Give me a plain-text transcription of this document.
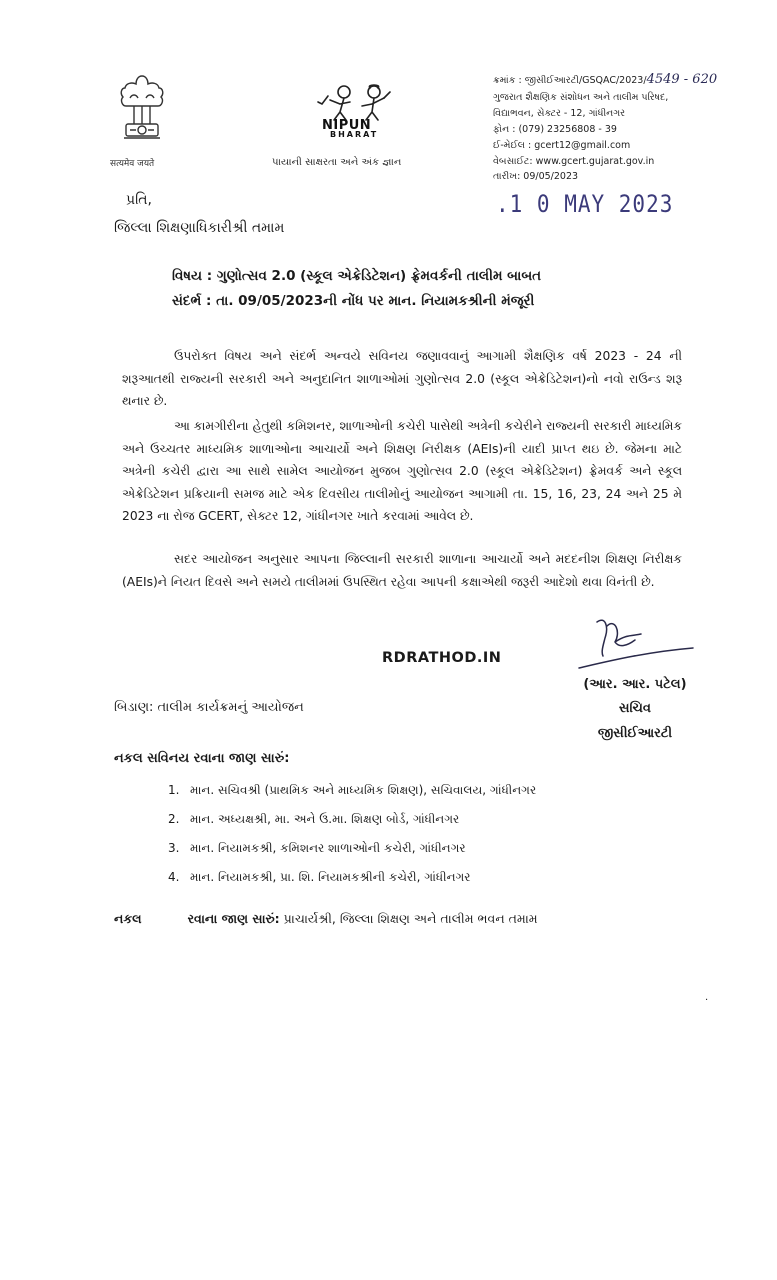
सत्यमेव जयते
NIPUN
BHARAT
પાયાની સાક્ષરતા અને અંક જ્ઞાન
ક્રમાંક : જીસીઈઆરટી/GSQAC/2023/4549 - 620
ગુજરાત શૈક્ષણિક સંશોધન અને તાલીમ પરિષદ,
વિદ્યાભવન, સેક્ટર - 12, ગાંધીનગર
ફોન : (079) 23256808 - 39
ઈ-મેઈલ : gcert12@gmail.com
વેબસાઈટ: www.gcert.gujarat.gov.in
તારીખ: 09/05/2023
.1 0 MAY 2023
પ્રતિ,
જિલ્લા શિક્ષણાધિકારીશ્રી તમામ
વિષય : ગુણોત્સવ 2.0 (સ્કૂલ એક્રેડિટેશન) ફ્રેમવર્કની તાલીમ બાબત
સંદર્ભ : તા. 09/05/2023ની નોંધ પર માન. નિયામકશ્રીની મંજૂરી
ઉપરોક્ત વિષય અને સંદર્ભ અન્વયે સવિનય જણાવવાનું આગામી શૈક્ષણિક વર્ષ 2023 - 24 ની શરૂઆતથી રાજ્યની સરકારી અને અનુદાનિત શાળાઓમાં ગુણોત્સવ 2.0 (સ્કૂલ એક્રેડિટેશન)નો નવો રાઉન્ડ શરૂ થનાર છે.
આ કામગીરીના હેતુથી કમિશનર, શાળાઓની કચેરી પાસેથી અત્રેની કચેરીને રાજ્યની સરકારી માધ્યમિક અને ઉચ્ચતર માધ્યમિક શાળાઓના આચાર્યો અને શિક્ષણ નિરીક્ષક (AEIs)ની યાદી પ્રાપ્ત થઇ છે. જેમના માટે અત્રેની કચેરી દ્વારા આ સાથે સામેલ આયોજન મુજબ ગુણોત્સવ 2.0 (સ્કૂલ એક્રેડિટેશન) ફ્રેમવર્ક અને સ્કૂલ એક્રેડિટેશન પ્રક્રિયાની સમજ માટે એક દિવસીય તાલીમોનું આયોજન આગામી તા. 15, 16, 23, 24 અને 25 મે 2023 ના રોજ GCERT, સેક્ટર 12, ગાંધીનગર ખાતે કરવામાં આવેલ છે.
સદર આયોજન અનુસાર આપના જિલ્લાની સરકારી શાળાના આચાર્યો અને મદદનીશ શિક્ષણ નિરીક્ષક (AEIs)ને નિયત દિવસે અને સમયે તાલીમમાં ઉપસ્થિત રહેવા આપની કક્ષાએથી જરૂરી આદેશો થવા વિનંતી છે.
RDRATHOD.IN
(આર. આર. પટેલ)
સચિવ
જીસીઈઆરટી
બિડાણ: તાલીમ કાર્યક્રમનું આયોજન
નકલ સવિનય રવાના જાણ સારું:
1. માન. સચિવશ્રી (પ્રાથમિક અને માધ્યમિક શિક્ષણ), સચિવાલય, ગાંધીનગર
2. માન. અધ્યક્ષશ્રી, મા. અને ઉ.મા. શિક્ષણ બોર્ડ, ગાંધીનગર
3. માન. નિયામકશ્રી, કમિશનર શાળાઓની કચેરી, ગાંધીનગર
4. માન. નિયામકશ્રી, પ્રા. શિ. નિયામકશ્રીની કચેરી, ગાંધીનગર
નકલ	રવાના જાણ સારું: પ્રાચાર્યશ્રી, જિલ્લા શિક્ષણ અને તાલીમ ભવન તમામ
·
